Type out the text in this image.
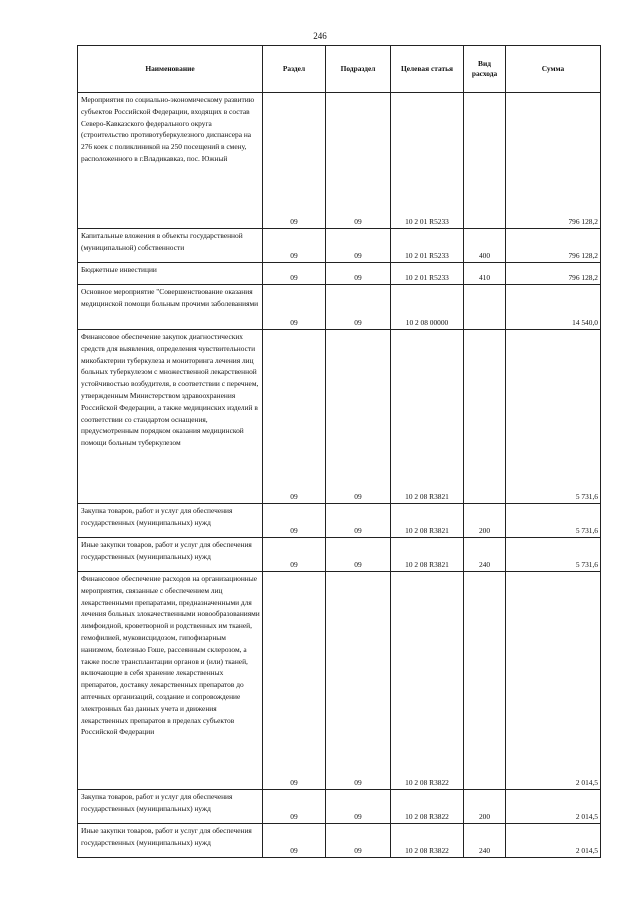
246
Наименование	Раздел	Подраздел	Целевая статья	Вид расхода	Сумма
Мероприятия по социально-экономическому развитию субъектов Российской Федерации, входящих в состав Северо-Кавказского федерального округа (строительство противотуберкулезного диспансера на 276 коек с поликлиникой на 250 посещений в смену, расположенного в г.Владикавказ, пос. Южный	09	09	10 2 01 R5233		796 128,2
Капитальные вложения в объекты государственной (муниципальной) собственности	09	09	10 2 01 R5233	400	796 128,2
Бюджетные инвестиции	09	09	10 2 01 R5233	410	796 128,2
Основное мероприятие "Совершенствование оказания медицинской помощи больным прочими заболеваниями	09	09	10 2 08 00000		14 540,0
Финансовое обеспечение закупок диагностических средств для выявления, определения чувствительности микобактерии туберкулеза и мониторинга лечения лиц больных туберкулезом с множественной лекарственной устойчивостью возбудителя, в соответствии с перечнем, утвержденным Министерством здравоохранения Российской Федерации, а также медицинских изделий в соответствии со стандартом оснащения, предусмотренным порядком оказания медицинской помощи больным туберкулезом	09	09	10 2 08 R3821		5 731,6
Закупка товаров, работ и услуг для обеспечения государственных (муниципальных) нужд	09	09	10 2 08 R3821	200	5 731,6
Иные закупки товаров, работ и услуг для обеспечения государственных (муниципальных) нужд	09	09	10 2 08 R3821	240	5 731,6
Финансовое обеспечение расходов на организационные мероприятия, связанные с обеспечением лиц лекарственными препаратами, предназначенными для лечения больных злокачественными новообразованиями лимфоидной, кроветворной и родственных им тканей, гемофилией, муковисцидозом, гипофизарным нанизмом, болезнью Гоше, рассеянным склерозом, а также после трансплантации органов и (или) тканей, включающие в себя хранение лекарственных препаратов, доставку лекарственных препаратов до аптечных организаций, создание и сопровождение электронных баз данных учета и движения лекарственных препаратов в пределах субъектов Российской Федерации	09	09	10 2 08 R3822		2 014,5
Закупка товаров, работ и услуг для обеспечения государственных (муниципальных) нужд	09	09	10 2 08 R3822	200	2 014,5
Иные закупки товаров, работ и услуг для обеспечения государственных (муниципальных) нужд	09	09	10 2 08 R3822	240	2 014,5
